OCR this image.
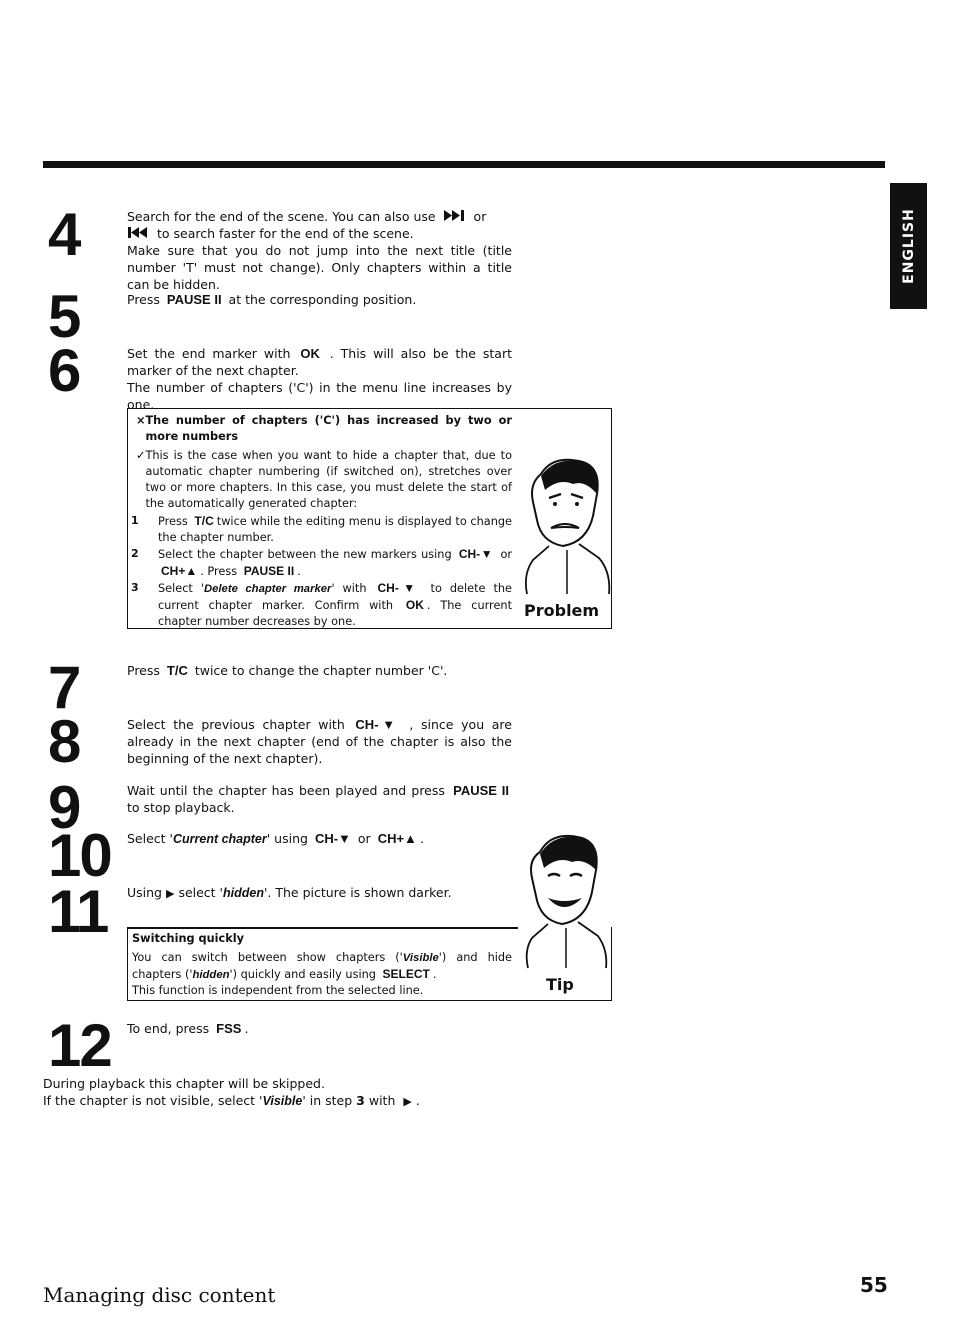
ENGLISH
4	Search for the end of the scene. You can also use	or
to search faster for the end of the scene.
Make sure that you do not jump into the next title (title number 'T' must not change). Only chapters within a title can be hidden.
5	Press PAUSE II at the corresponding position.
6	Set the end marker with OK . This will also be the start marker of the next chapter.
The number of chapters ('C') in the menu line increases by one.
× The number of chapters ('C') has increased by two or more numbers
✓ This is the case when you want to hide a chapter that, due to automatic chapter numbering (if switched on), stretches over two or more chapters. In this case, you must delete the start of the automatically generated chapter:
1	Press T/C twice while the editing menu is displayed to change the chapter number.
2	Select the chapter between the new markers using CH-▼ or CH+▲ . Press PAUSE II .
3	Select 'Delete chapter marker' with CH-▼ to delete the current chapter marker. Confirm with OK . The current chapter number decreases by one.
Problem
7	Press T/C twice to change the chapter number 'C'.
8	Select the previous chapter with CH-▼ , since you are already in the next chapter (end of the chapter is also the beginning of the next chapter).
9	Wait until the chapter has been played and press PAUSE II to stop playback.
10 Select 'Current chapter' using CH-▼ or CH+▲ .
11 Using ▶ select 'hidden'. The picture is shown darker.
Switching quickly
You can switch between show chapters ('Visible') and hide chapters ('hidden') quickly and easily using SELECT .
This function is independent from the selected line.	Tip
12 To end, press FSS .
During playback this chapter will be skipped.
If the chapter is not visible, select 'Visible' in step 3 with ▶ .
Managing disc content	55
